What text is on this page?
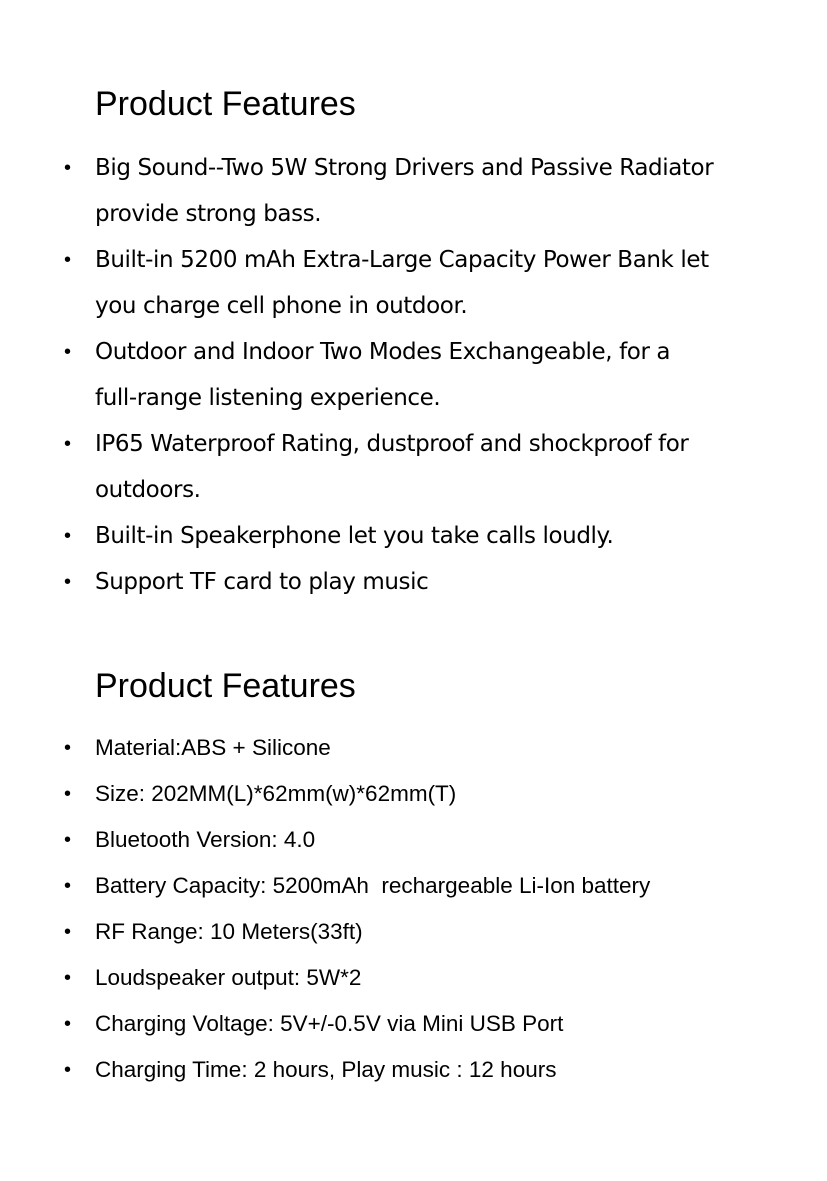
Product Features
• Big Sound--Two 5W Strong Drivers and Passive Radiator
provide strong bass.
• Built-in 5200 mAh Extra-Large Capacity Power Bank let
you charge cell phone in outdoor.
• Outdoor and Indoor Two Modes Exchangeable, for a
full-range listening experience.
• IP65 Waterproof Rating, dustproof and shockproof for
outdoors.
• Built-in Speakerphone let you take calls loudly.
• Support TF card to play music
Product Features
• Material:ABS + Silicone
• Size: 202MM(L)*62mm(w)*62mm(T)
• Bluetooth Version: 4.0
• Battery Capacity: 5200mAh  rechargeable Li-Ion battery
• RF Range: 10 Meters(33ft)
• Loudspeaker output: 5W*2
• Charging Voltage: 5V+/-0.5V via Mini USB Port
• Charging Time: 2 hours, Play music : 12 hours
